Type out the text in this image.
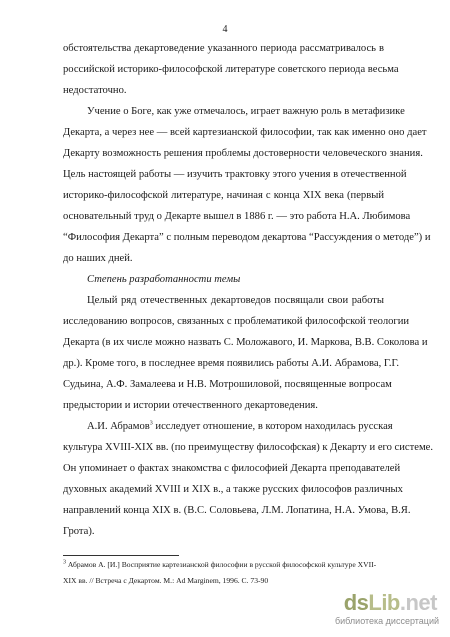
4
обстоятельства декартоведение указанного периода рассматривалось в
российской историко-философской литературе советского периода весьма
недостаточно.
Учение о Боге, как уже отмечалось, играет важную роль в метафизике
Декарта, а через нее — всей картезианской философии, так как именно оно дает
Декарту возможность решения проблемы достоверности человеческого знания.
Цель настоящей работы — изучить трактовку этого учения в отечественной
историко-философской литературе, начиная с конца XIX века (первый
основательный труд о Декарте вышел в 1886 г. — это работа Н.А. Любимова
“Философия Декарта” с полным переводом декартова “Рассуждения о методе”) и
до наших дней.
Степень разработанности темы
Целый ряд отечественных декартоведов посвящали свои работы
исследованию вопросов, связанных с проблематикой философской теологии
Декарта (в их числе можно назвать С. Моложавого, И. Маркова, В.В. Соколова и
др.). Кроме того, в последнее время появились работы А.И. Абрамова, Г.Г.
Судьина, А.Ф. Замалеева и Н.В. Мотрошиловой, посвященные вопросам
предыстории и истории отечественного декартоведения.
А.И. Абрамов$^3$ исследует отношение, в котором находилась русская
культура XVIII-XIX вв. (по преимуществу философская) к Декарту и его системе.
Он упоминает о фактах знакомства с философией Декарта преподавателей
духовных академий XVIII и XIX в., а также русских философов различных
направлений конца XIX в. (В.С. Соловьева, Л.М. Лопатина, Н.А. Умова, В.Я.
Грота).
$^3$ Абрамов А. [И.] Восприятие картезианской философии в русской философской культуре XVII-
XIX вв. // Встреча с Декартом. М.: Ad Marginem, 1996. С. 73-90
dsLib.net
библиотека диссертаций
